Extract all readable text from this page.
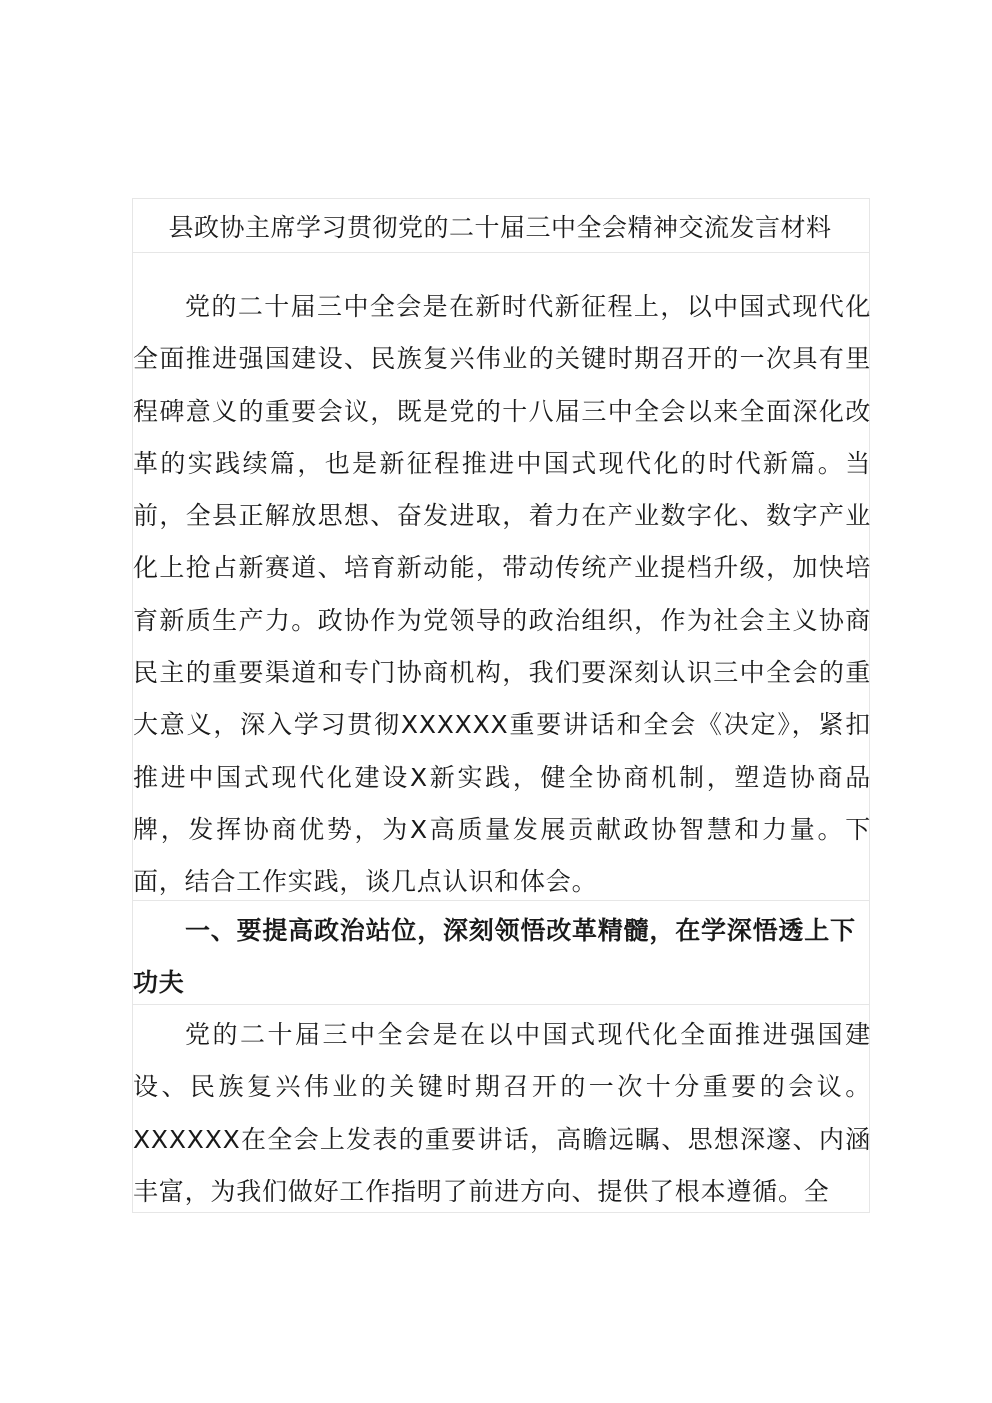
县政协主席学习贯彻党的二十届三中全会精神交流发言材料

党的二十届三中全会是在新时代新征程上，以中国式现代化全面推进强国建设、民族复兴伟业的关键时期召开的一次具有里程碑意义的重要会议，既是党的十八届三中全会以来全面深化改革的实践续篇，也是新征程推进中国式现代化的时代新篇。当前，全县正解放思想、奋发进取，着力在产业数字化、数字产业化上抢占新赛道、培育新动能，带动传统产业提档升级，加快培育新质生产力。政协作为党领导的政治组织，作为社会主义协商民主的重要渠道和专门协商机构，我们要深刻认识三中全会的重大意义，深入学习贯彻XXXXXX重要讲话和全会《决定》，紧扣推进中国式现代化建设X新实践，健全协商机制，塑造协商品牌，发挥协商优势，为X高质量发展贡献政协智慧和力量。下面，结合工作实践，谈几点认识和体会。

一、要提高政治站位，深刻领悟改革精髓，在学深悟透上下功夫

党的二十届三中全会是在以中国式现代化全面推进强国建设、民族复兴伟业的关键时期召开的一次十分重要的会议。XXXXXX在全会上发表的重要讲话，高瞻远瞩、思想深邃、内涵丰富，为我们做好工作指明了前进方向、提供了根本遵循。全
